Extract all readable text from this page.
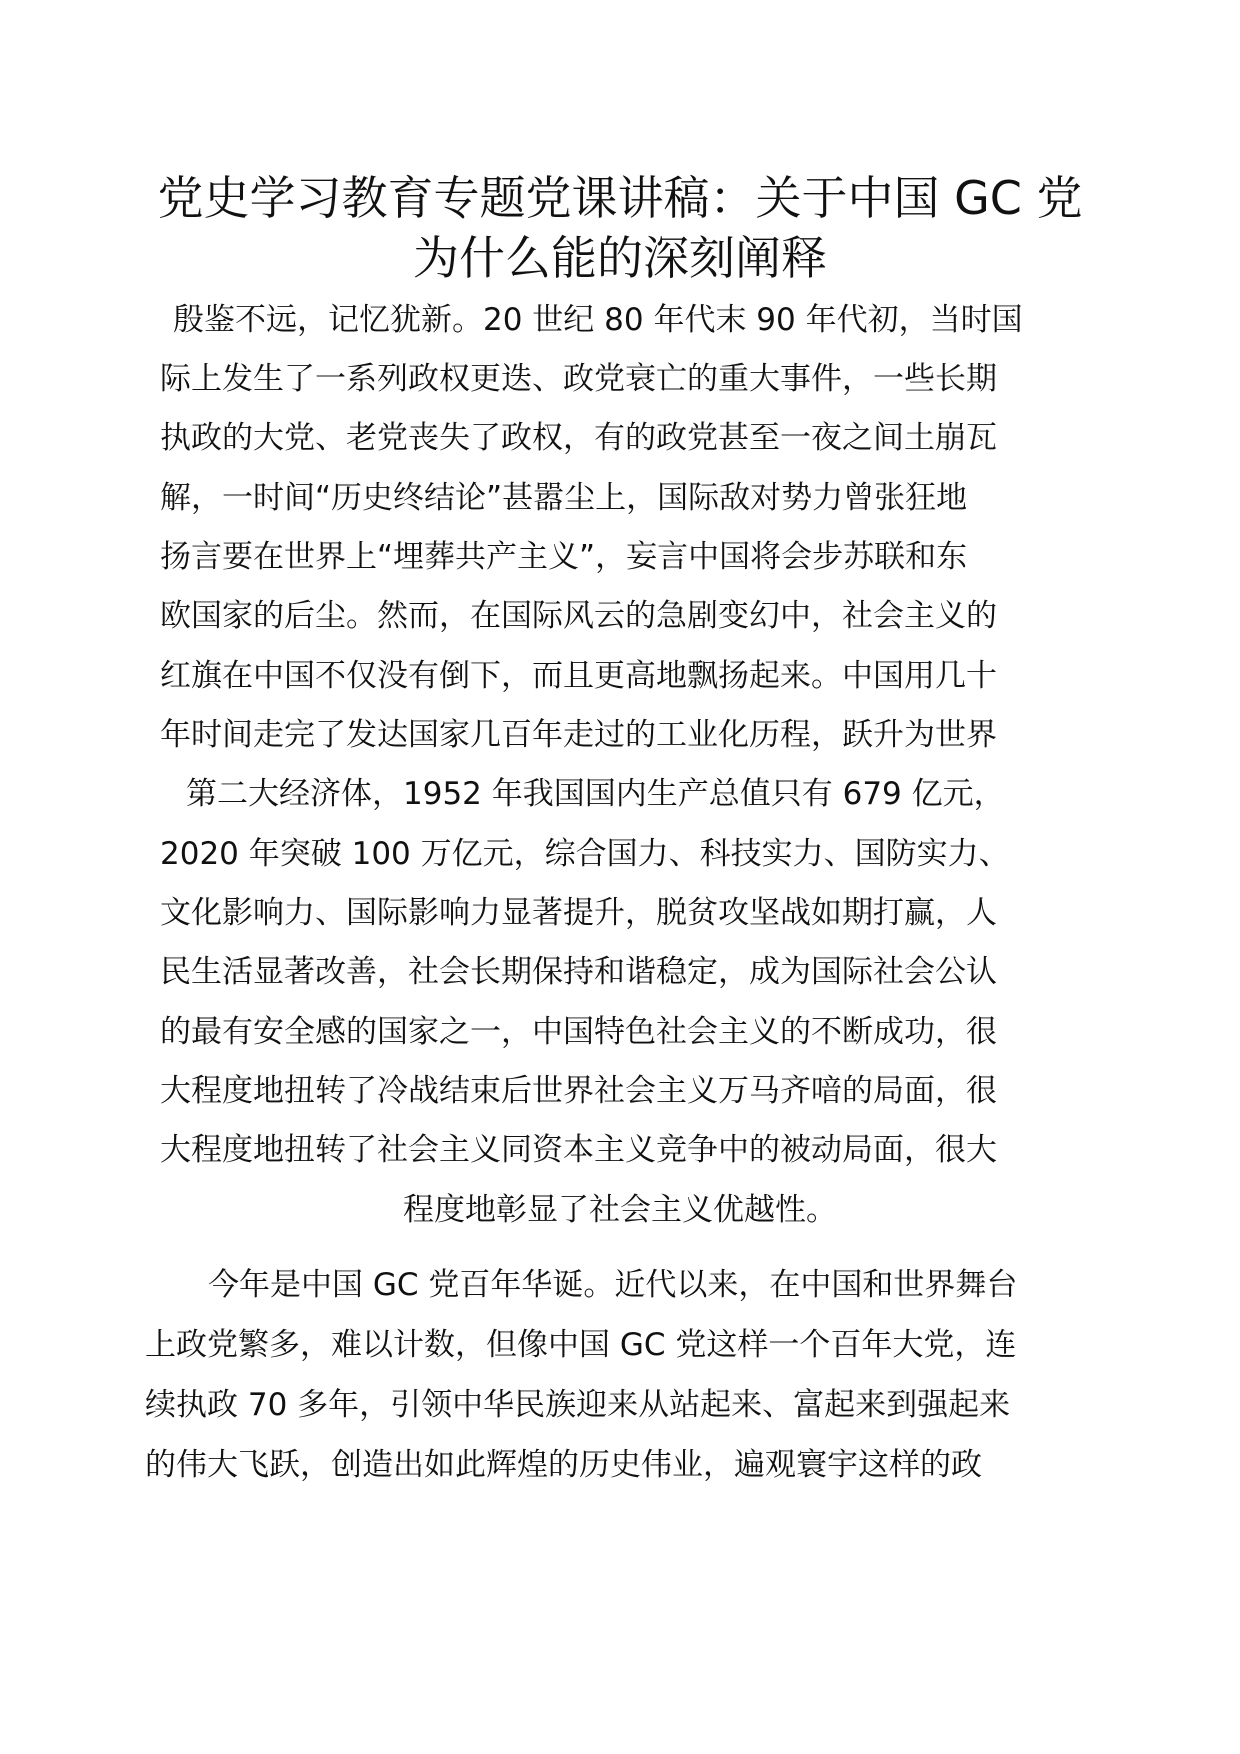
党史学习教育专题党课讲稿：关于中国 GC 党
为什么能的深刻阐释
殷鉴不远，记忆犹新。20 世纪 80 年代末 90 年代初，当时国
际上发生了一系列政权更迭、政党衰亡的重大事件，一些长期
执政的大党、老党丧失了政权，有的政党甚至一夜之间土崩瓦
解，一时间“历史终结论”甚嚣尘上，国际敌对势力曾张狂地
扬言要在世界上“埋葬共产主义”，妄言中国将会步苏联和东
欧国家的后尘。然而，在国际风云的急剧变幻中，社会主义的
红旗在中国不仅没有倒下，而且更高地飘扬起来。中国用几十
年时间走完了发达国家几百年走过的工业化历程，跃升为世界
第二大经济体，1952 年我国国内生产总值只有 679 亿元，
2020 年突破 100 万亿元，综合国力、科技实力、国防实力、
文化影响力、国际影响力显著提升，脱贫攻坚战如期打赢，人
民生活显著改善，社会长期保持和谐稳定，成为国际社会公认
的最有安全感的国家之一，中国特色社会主义的不断成功，很
大程度地扭转了冷战结束后世界社会主义万马齐喑的局面，很
大程度地扭转了社会主义同资本主义竞争中的被动局面，很大
程度地彰显了社会主义优越性。
今年是中国 GC 党百年华诞。近代以来，在中国和世界舞台
上政党繁多，难以计数，但像中国 GC 党这样一个百年大党，连
续执政 70 多年，引领中华民族迎来从站起来、富起来到强起来
的伟大飞跃，创造出如此辉煌的历史伟业，遍观寰宇这样的政
